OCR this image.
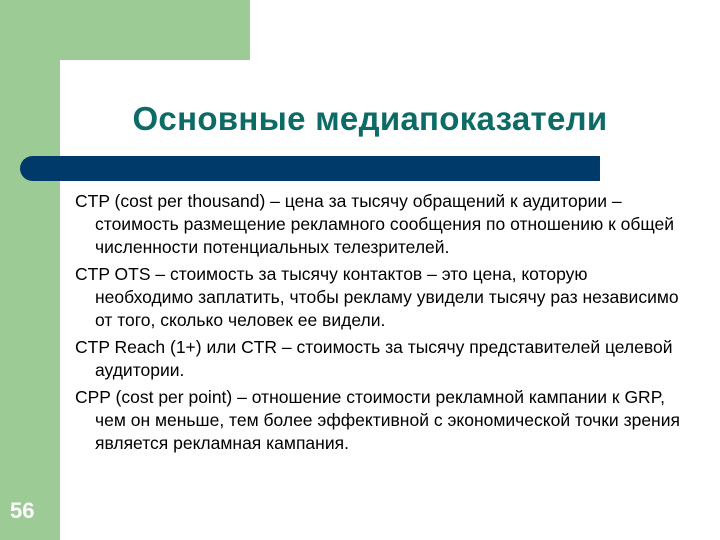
Основные медиапоказатели

CTP (cost per thousand) – цена за тысячу обращений к аудитории – стоимость размещение рекламного сообщения по отношению к общей численности потенциальных телезрителей.

CTP OTS – стоимость за тысячу контактов – это цена, которую необходимо заплатить, чтобы рекламу увидели тысячу раз независимо от того, сколько человек ее видели.

CTP Reach (1+) или CTR – стоимость за тысячу представителей целевой аудитории.

CPP (cost per point) – отношение стоимости рекламной кампании к GRP, чем он меньше, тем более эффективной с экономической точки зрения является рекламная кампания.

56
